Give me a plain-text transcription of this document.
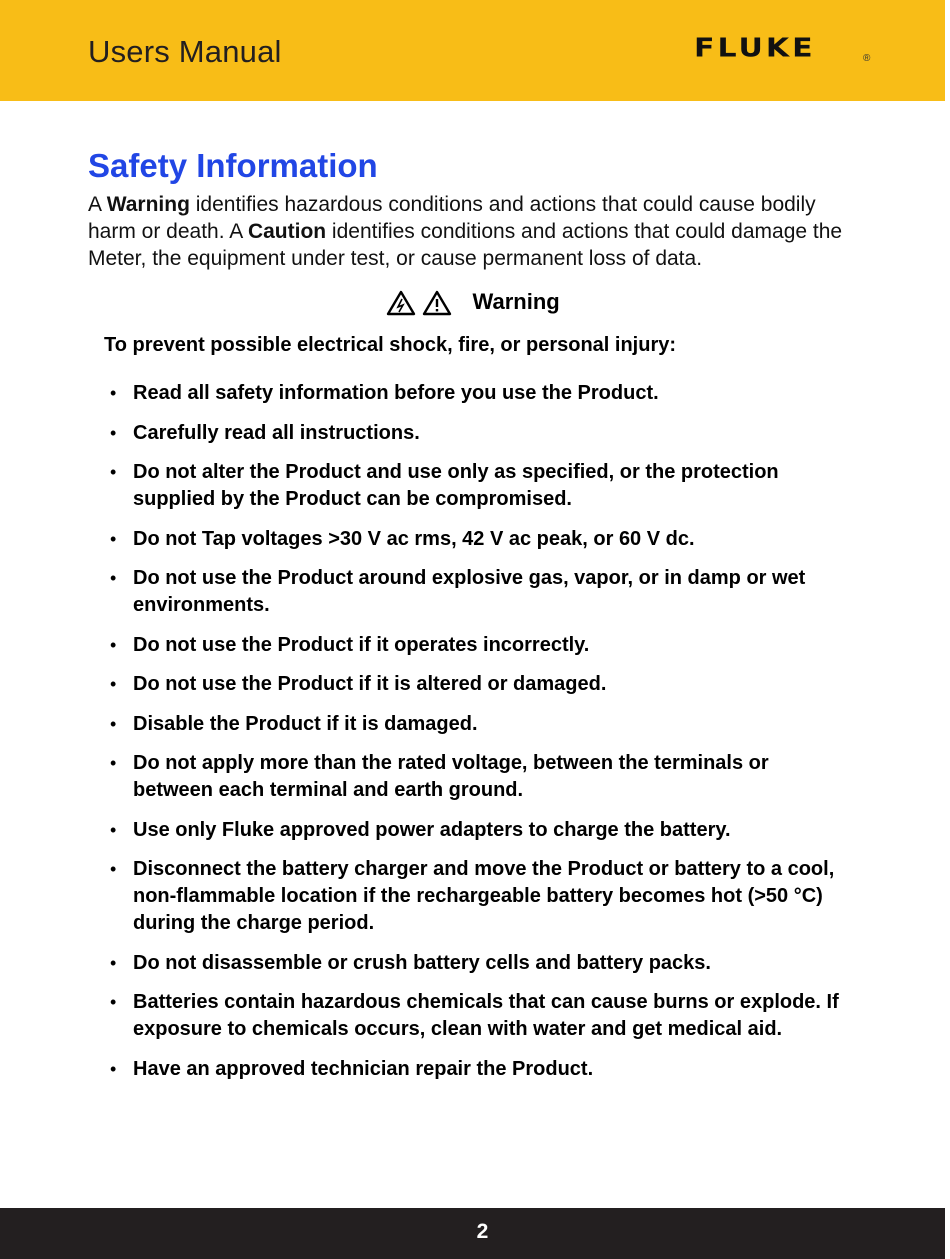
Users Manual	FLUKE	®
Safety Information

A Warning identifies hazardous conditions and actions that could cause bodily harm or death. A Caution identifies conditions and actions that could damage the Meter, the equipment under test, or cause permanent loss of data.

Warning

To prevent possible electrical shock, fire, or personal injury:

• Read all safety information before you use the Product.
• Carefully read all instructions.
• Do not alter the Product and use only as specified, or the protection supplied by the Product can be compromised.
• Do not Tap voltages >30 V ac rms, 42 V ac peak, or 60 V dc.
• Do not use the Product around explosive gas, vapor, or in damp or wet environments.
• Do not use the Product if it operates incorrectly.
• Do not use the Product if it is altered or damaged.
• Disable the Product if it is damaged.
• Do not apply more than the rated voltage, between the terminals or between each terminal and earth ground.
• Use only Fluke approved power adapters to charge the battery.
• Disconnect the battery charger and move the Product or battery to a cool, non-flammable location if the rechargeable battery becomes hot (>50 °C) during the charge period.
• Do not disassemble or crush battery cells and battery packs.
• Batteries contain hazardous chemicals that can cause burns or explode. If exposure to chemicals occurs, clean with water and get medical aid.
• Have an approved technician repair the Product.
2
